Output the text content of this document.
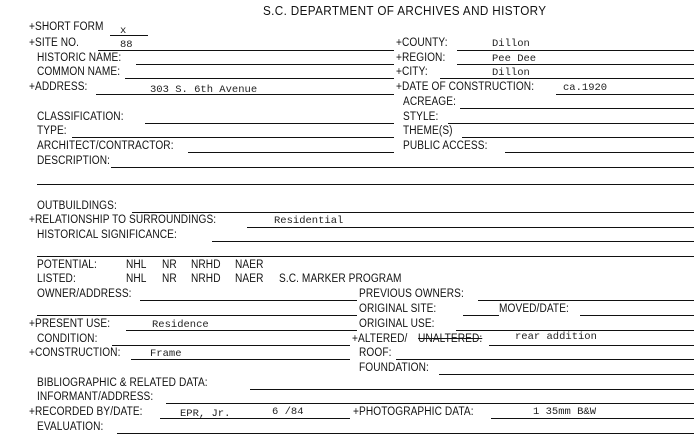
S.C. DEPARTMENT OF ARCHIVES AND HISTORY
+SHORT FORM x
+SITE NO.	88	+COUNTY:	Dillon
HISTORIC NAME:	+REGION:	Pee Dee
COMMON NAME:	+CITY:	Dillon
+ADDRESS:	303 S. 6th Avenue	+DATE OF CONSTRUCTION:	ca.1920
ACREAGE:
CLASSIFICATION:	STYLE:
TYPE:	THEME(S)
ARCHITECT/CONTRACTOR:	PUBLIC ACCESS:
DESCRIPTION:
OUTBUILDINGS:
+RELATIONSHIP TO SURROUNDINGS:	Residential
HISTORICAL SIGNIFICANCE:
POTENTIAL:	NHL NR NRHD NAER
LISTED:	NHL NR NRHD NAER S.C. MARKER PROGRAM
OWNER/ADDRESS:	PREVIOUS OWNERS:
ORIGINAL SITE:	MOVED/DATE:
+PRESENT USE:	Residence	ORIGINAL USE:
CONDITION:	+ALTERED/ UNALTERED:	rear addition
+CONSTRUCTION:	Frame	ROOF:
FOUNDATION:
BIBLIOGRAPHIC & RELATED DATA:
INFORMANT/ADDRESS:
+RECORDED BY/DATE:	EPR, Jr.	6 /84	+PHOTOGRAPHIC DATA:	1 35mm B&W
EVALUATION:
